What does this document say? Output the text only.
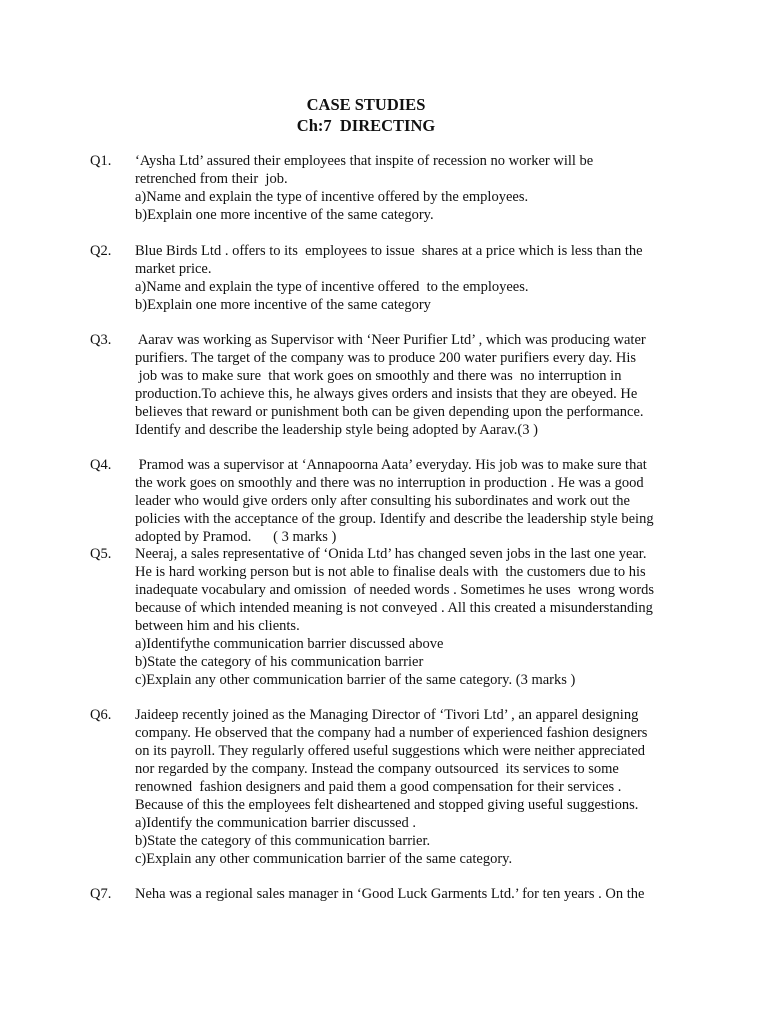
CASE STUDIES
Ch:7  DIRECTING
Q1.	‘Aysha Ltd’ assured their employees that inspite of recession no worker will be
retrenched from their  job.
a)Name and explain the type of incentive offered by the employees.
b)Explain one more incentive of the same category.
Q2.	Blue Birds Ltd . offers to its  employees to issue  shares at a price which is less than the
market price.
a)Name and explain the type of incentive offered  to the employees.
b)Explain one more incentive of the same category
Q3.	Aarav was working as Supervisor with ‘Neer Purifier Ltd’ , which was producing water
purifiers. The target of the company was to produce 200 water purifiers every day. His
job was to make sure  that work goes on smoothly and there was  no interruption in
production.To achieve this, he always gives orders and insists that they are obeyed. He
believes that reward or punishment both can be given depending upon the performance.
Identify and describe the leadership style being adopted by Aarav.(3 )
Q4.	Pramod was a supervisor at ‘Annapoorna Aata’ everyday. His job was to make sure that
the work goes on smoothly and there was no interruption in production . He was a good
leader who would give orders only after consulting his subordinates and work out the
policies with the acceptance of the group. Identify and describe the leadership style being
adopted by Pramod.      ( 3 marks )
Q5.	Neeraj, a sales representative of ‘Onida Ltd’ has changed seven jobs in the last one year.
He is hard working person but is not able to finalise deals with  the customers due to his
inadequate vocabulary and omission  of needed words . Sometimes he uses  wrong words
because of which intended meaning is not conveyed . All this created a misunderstanding
between him and his clients.
a)Identifythe communication barrier discussed above
b)State the category of his communication barrier
c)Explain any other communication barrier of the same category. (3 marks )
Q6.	Jaideep recently joined as the Managing Director of ‘Tivori Ltd’ , an apparel designing
company. He observed that the company had a number of experienced fashion designers
on its payroll. They regularly offered useful suggestions which were neither appreciated
nor regarded by the company. Instead the company outsourced  its services to some
renowned  fashion designers and paid them a good compensation for their services .
Because of this the employees felt disheartened and stopped giving useful suggestions.
a)Identify the communication barrier discussed .
b)State the category of this communication barrier.
c)Explain any other communication barrier of the same category.
Q7.	Neha was a regional sales manager in ‘Good Luck Garments Ltd.’ for ten years . On the
